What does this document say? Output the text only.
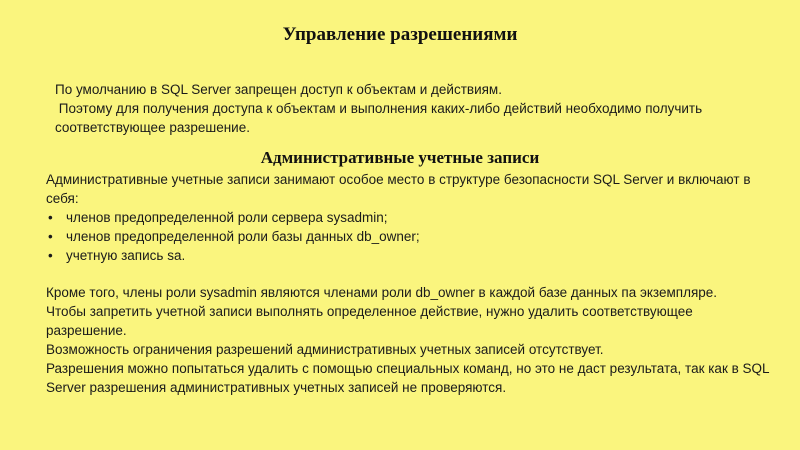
Управление разрешениями

По умолчанию в SQL Server запрещен доступ к объектам и действиям.

Поэтому для получения доступа к объектам и выполнения каких-либо действий необходимо получить

соответствующее разрешение.

Административные учетные записи

Административные учетные записи занимают особое место в структуре безопасности SQL Server и включают в себя:

• членов предопределенной роли сервера sysadmin;
• членов предопределенной роли базы данных db_owner;
• учетную запись sa.

Кроме того, члены роли sysadmin являются членами роли db_owner в каждой базе данных па экземпляре.

Чтобы запретить учетной записи выполнять определенное действие, нужно удалить соответствующее разрешение.

Возможность ограничения разрешений административных учетных записей отсутствует.

Разрешения можно попытаться удалить с помощью специальных команд, но это не даст результата, так как в SQL Server разрешения административных учетных записей не проверяются.
